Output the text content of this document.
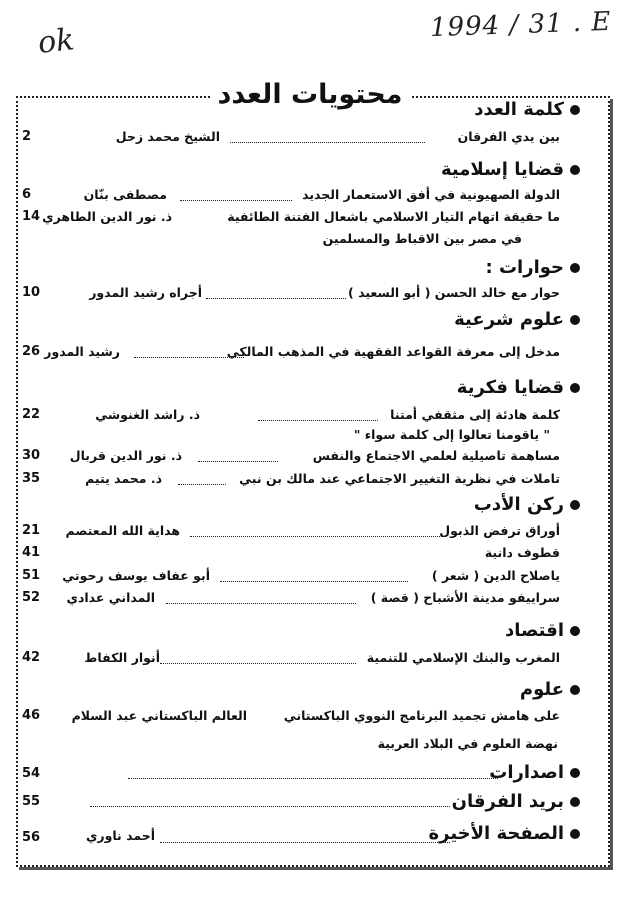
ok	1994 / 31 . E
محتويات العدد	كلمة العدد
بين يدي الفرقان
الشيخ محمد زحل
2
قضايا إسلامية
الدولة الصهيونية في أفق الاستعمار الجديد
مصطفى بنّان
6
ما حقيقة اتهام التيار الاسلامي باشعال الفتنة الطائفية
ذ. نور الدين الطاهري
14
في مصر بين الاقباط والمسلمين
حوارات :
حوار مع خالد الحسن ( أبو السعيد )
أجراه رشيد المدور
10
علوم شرعية
مدخل إلى معرفة القواعد الفقهية في المذهب المالكي
رشيد المدور
26
قضايا فكرية
كلمة هادئة إلى مثقفي أمتنا
ذ. راشد الغنوشي
22
" ياقومنا تعالوا إلى كلمة سواء "
مساهمة تاصيلية لعلمي الاجتماع والنفس
ذ. نور الدين قربال
30
تاملات في نظرية التغيير الاجتماعي عند مالك بن نبي
ذ. محمد يتيم
35
ركن الأدب
أوراق ترفض الذبول
هداية الله المعتصم
21
قطوف دانية
41
ياصلاح الدين ( شعر )
أبو عفاف يوسف رحوتي
51
سراييفو مدينة الأشباح ( قصة )
المداني عدادي
52
اقتصاد
المغرب والبنك الإسلامي للتنمية
أنوار الكفاط
42
علوم
على هامش تجميد البرنامج النووي الباكستاني
العالم الباكستاني عبد السلام
46
نهضة العلوم في البلاد العربية
اصدارات
54
بريد الفرقان
55
الصفحة الأخيرة
أحمد ناوري
56
